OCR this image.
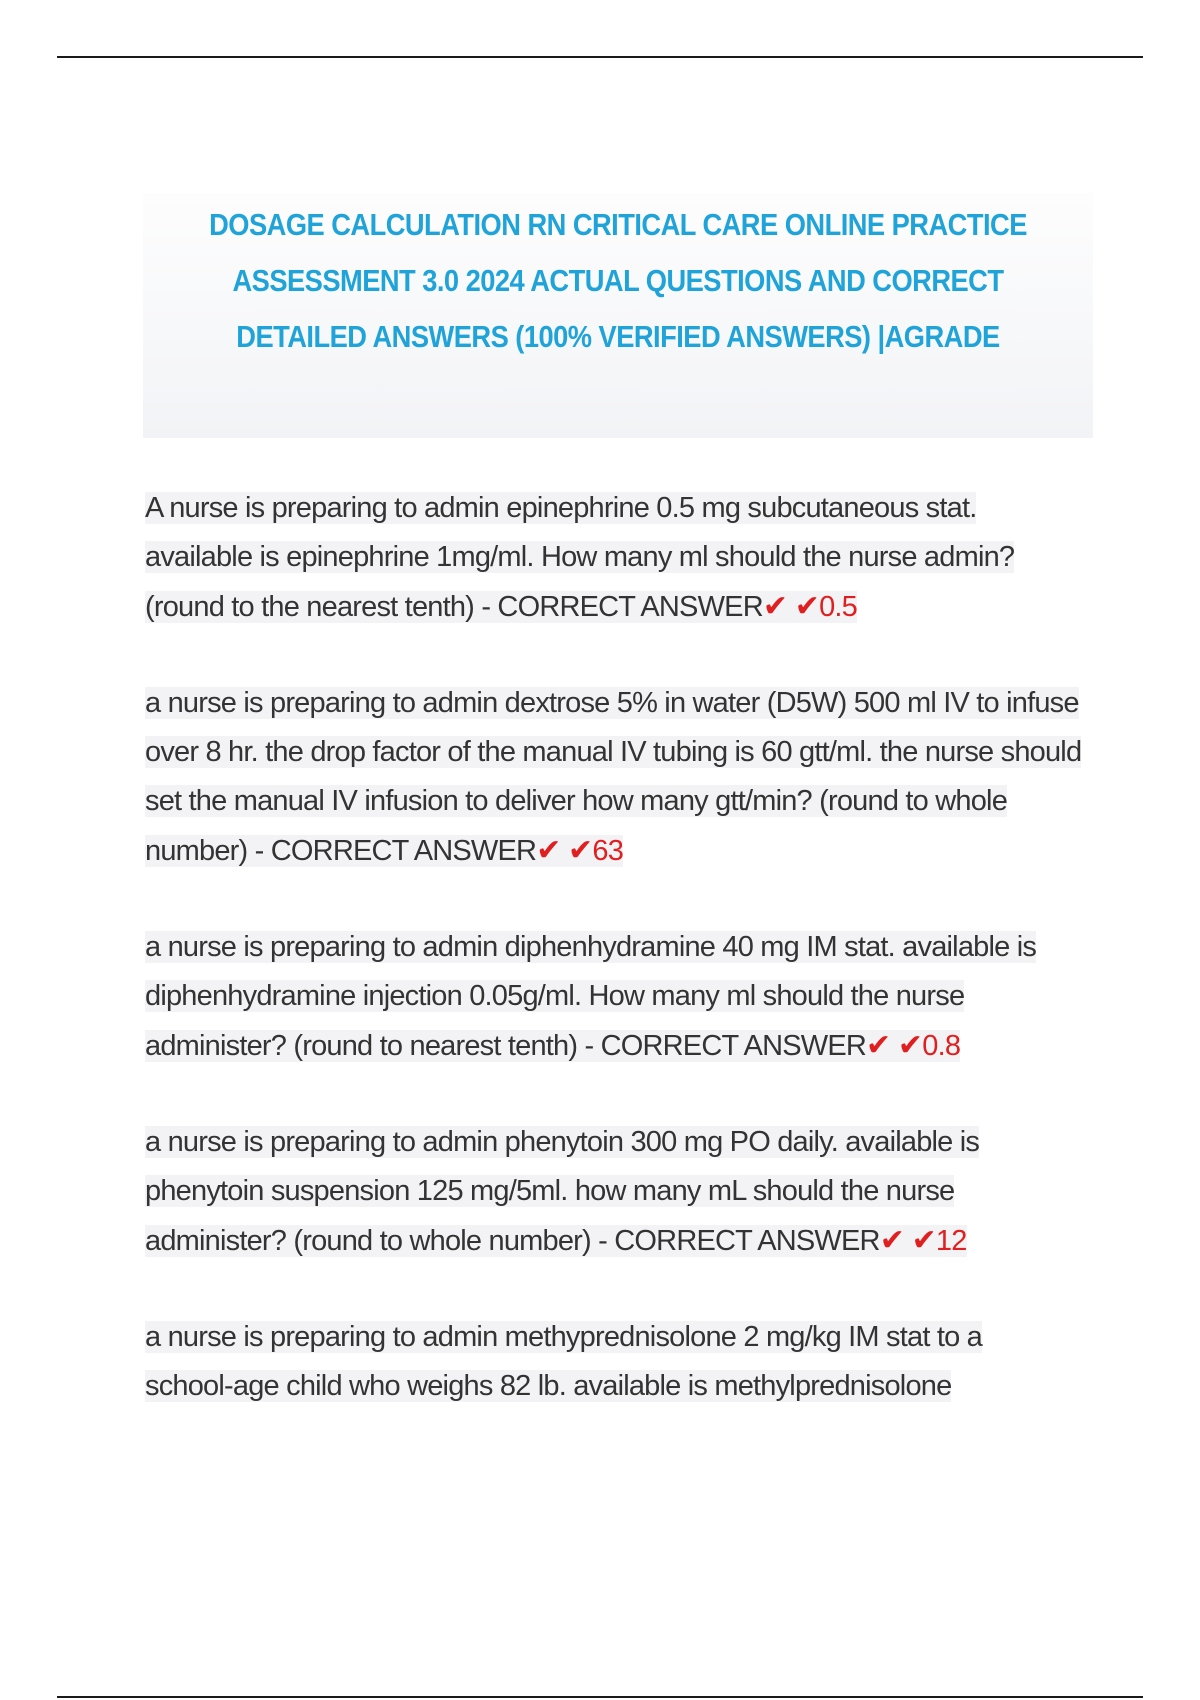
DOSAGE CALCULATION RN CRITICAL CARE ONLINE PRACTICE ASSESSMENT 3.0 2024 ACTUAL QUESTIONS AND CORRECT DETAILED ANSWERS (100% VERIFIED ANSWERS) |AGRADE
A nurse is preparing to admin epinephrine 0.5 mg subcutaneous stat. available is epinephrine 1mg/ml. How many ml should the nurse admin? (round to the nearest tenth) - CORRECT ANSWER✔ ✔0.5
a nurse is preparing to admin dextrose 5% in water (D5W) 500 ml IV to infuse over 8 hr. the drop factor of the manual IV tubing is 60 gtt/ml. the nurse should set the manual IV infusion to deliver how many gtt/min? (round to whole number) - CORRECT ANSWER✔ ✔63
a nurse is preparing to admin diphenhydramine 40 mg IM stat. available is diphenhydramine injection 0.05g/ml. How many ml should the nurse administer? (round to nearest tenth) - CORRECT ANSWER✔ ✔0.8
a nurse is preparing to admin phenytoin 300 mg PO daily. available is phenytoin suspension 125 mg/5ml. how many mL should the nurse administer? (round to whole number) - CORRECT ANSWER✔ ✔12
a nurse is preparing to admin methyprednisolone 2 mg/kg IM stat to a school-age child who weighs 82 lb. available is methylprednisolone
